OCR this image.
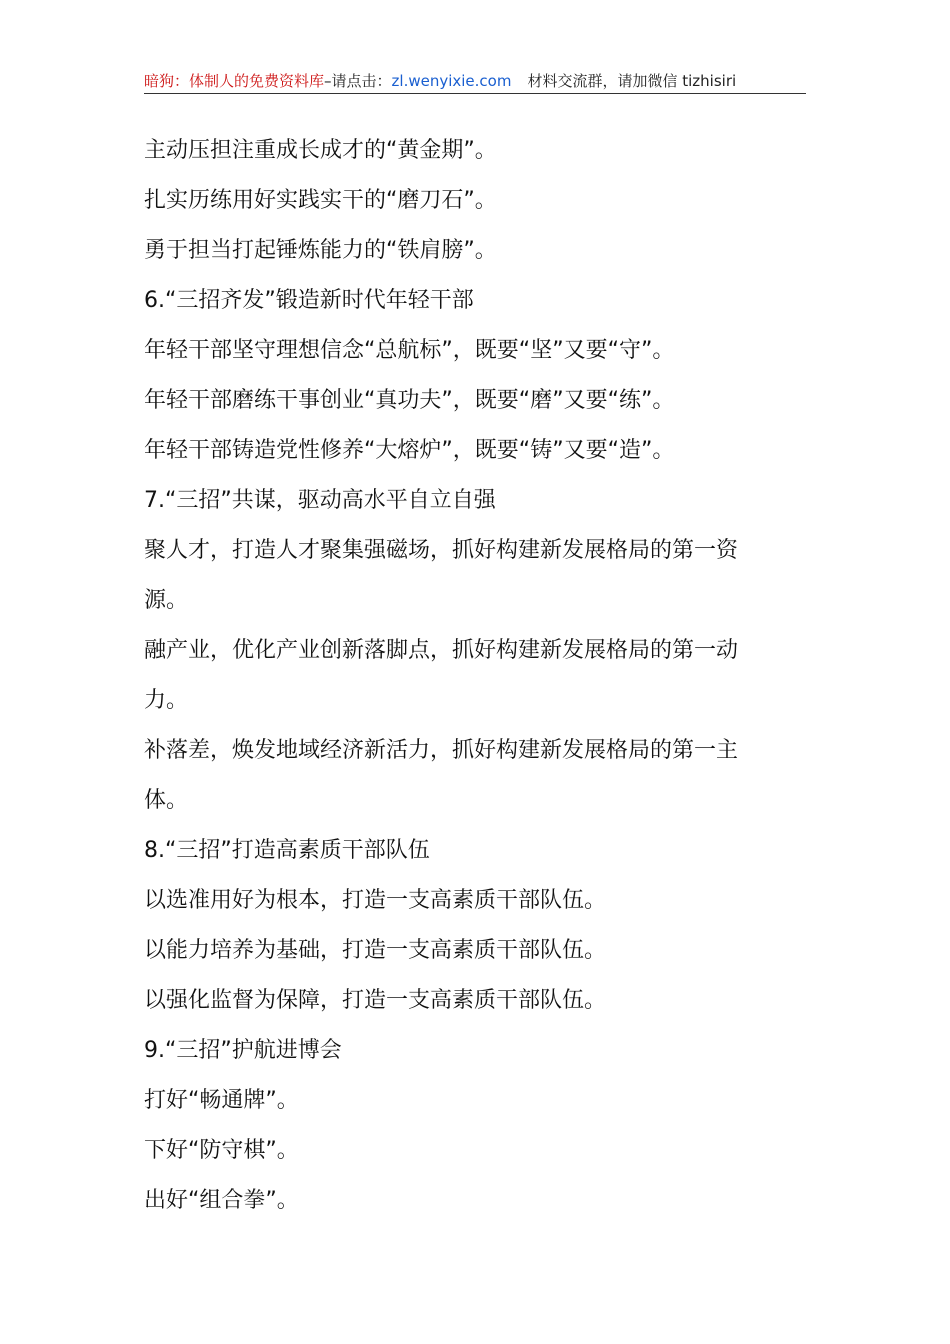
暗狗：体制人的免费资料库–请点击：zl.wenyixie.com 材料交流群，请加微信 tizhisiri
主动压担注重成长成才的“黄金期”。
扎实历练用好实践实干的“磨刀石”。
勇于担当打起锤炼能力的“铁肩膀”。
6.“三招齐发”锻造新时代年轻干部
年轻干部坚守理想信念“总航标”，既要“坚”又要“守”。
年轻干部磨练干事创业“真功夫”，既要“磨”又要“练”。
年轻干部铸造党性修养“大熔炉”，既要“铸”又要“造”。
7.“三招”共谋，驱动高水平自立自强
聚人才，打造人才聚集强磁场，抓好构建新发展格局的第一资
源。
融产业，优化产业创新落脚点，抓好构建新发展格局的第一动
力。
补落差，焕发地域经济新活力，抓好构建新发展格局的第一主
体。
8.“三招”打造高素质干部队伍
以选准用好为根本，打造一支高素质干部队伍。
以能力培养为基础，打造一支高素质干部队伍。
以强化监督为保障，打造一支高素质干部队伍。
9.“三招”护航进博会
打好“畅通牌”。
下好“防守棋”。
出好“组合拳”。
